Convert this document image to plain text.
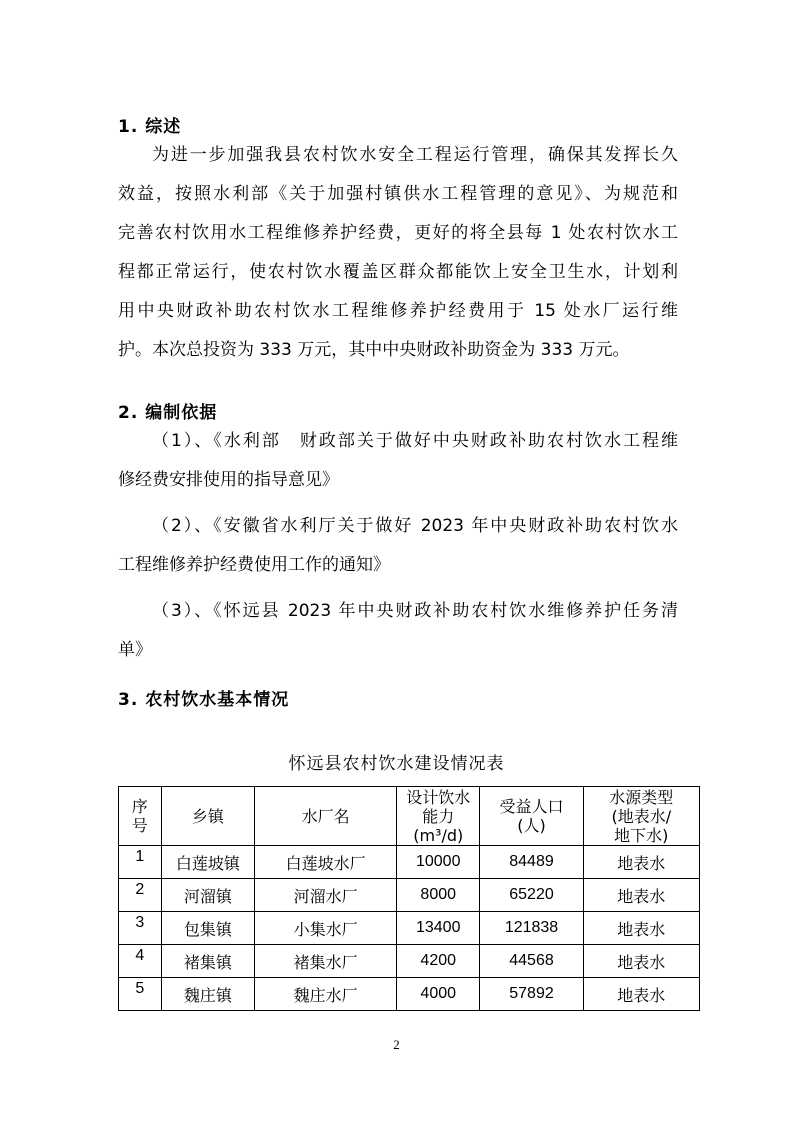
1. 综述
为进一步加强我县农村饮水安全工程运行管理，确保其发挥长久
效益，按照水利部《关于加强村镇供水工程管理的意见》、为规范和
完善农村饮用水工程维修养护经费，更好的将全县每 1 处农村饮水工
程都正常运行，使农村饮水覆盖区群众都能饮上安全卫生水，计划利
用中央财政补助农村饮水工程维修养护经费用于 15 处水厂运行维
护。本次总投资为 333 万元，其中中央财政补助资金为 333 万元。
2. 编制依据
（1）、《水利部　财政部关于做好中央财政补助农村饮水工程维
修经费安排使用的指导意见》
（2）、《安徽省水利厅关于做好 2023 年中央财政补助农村饮水
工程维修养护经费使用工作的通知》
（3）、《怀远县 2023 年中央财政补助农村饮水维修养护任务清
单》
3. 农村饮水基本情况
怀远县农村饮水建设情况表
序
号	乡镇	水厂名	设计饮水
能力
(m³/d)	受益人口
(人)	水源类型
(地表水/
地下水)
1	白莲坡镇	白莲坡水厂	10000	84489	地表水
2	河溜镇	河溜水厂	8000	65220	地表水
3	包集镇	小集水厂	13400	121838	地表水
4	褚集镇	褚集水厂	4200	44568	地表水
5	魏庄镇	魏庄水厂	4000	57892	地表水
2
